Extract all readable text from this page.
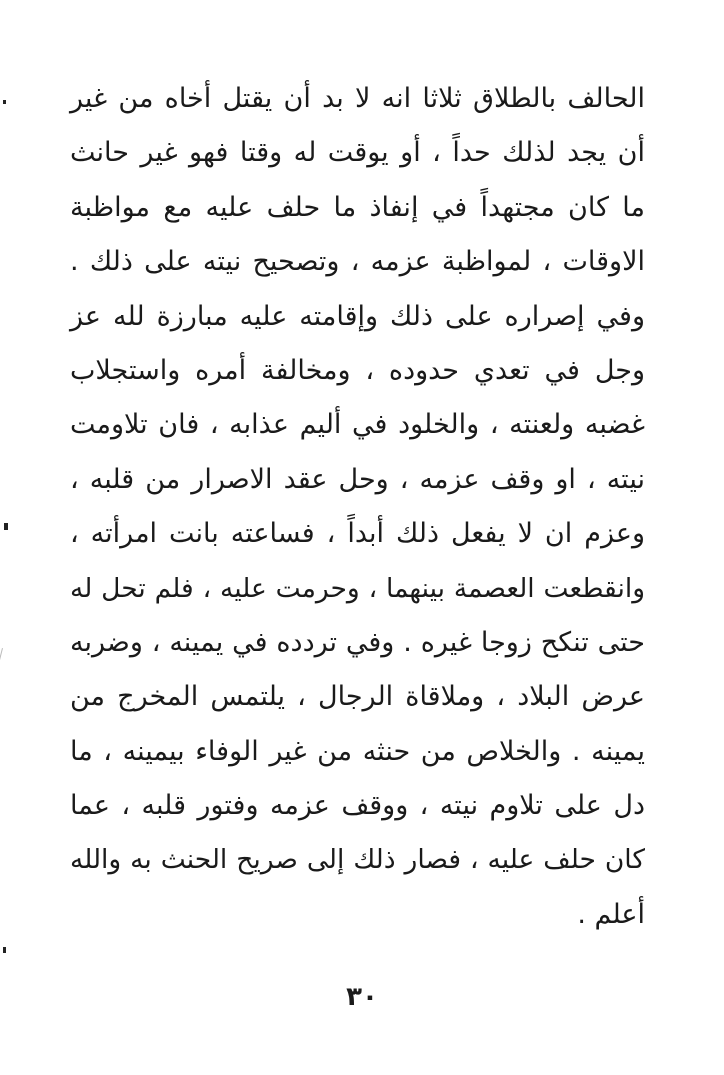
الحالف بالطلاق ثلاثا انه لا بد أن يقتل أخاه من غير
أن يجد لذلك حداً ، أو يوقت له وقتا فهو غير حانث
ما كان مجتهداً في إنفاذ ما حلف عليه مع مواظبة
الاوقات ، لمواظبة عزمه ، وتصحيح نيته على ذلك .
وفي إصراره على ذلك وإقامته عليه مبارزة لله عز
وجل في تعدي حدوده ، ومخالفة أمره واستجلاب
غضبه ولعنته ، والخلود في أليم عذابه ، فان تلاومت
نيته ، او وقف عزمه ، وحل عقد الاصرار من قلبه ،
وعزم ان لا يفعل ذلك أبداً ، فساعته بانت امرأته ،
وانقطعت العصمة بينهما ، وحرمت عليه ، فلم تحل له
حتى تنكح زوجا غيره . وفي تردده في يمينه ، وضربه
عرض البلاد ، وملاقاة الرجال ، يلتمس المخرج من
يمينه . والخلاص من حنثه من غير الوفاء بيمينه ، ما
دل على تلاوم نيته ، ووقف عزمه وفتور قلبه ، عما
كان حلف عليه ، فصار ذلك إلى صريح الحنث به والله
أعلم .
٣٠
